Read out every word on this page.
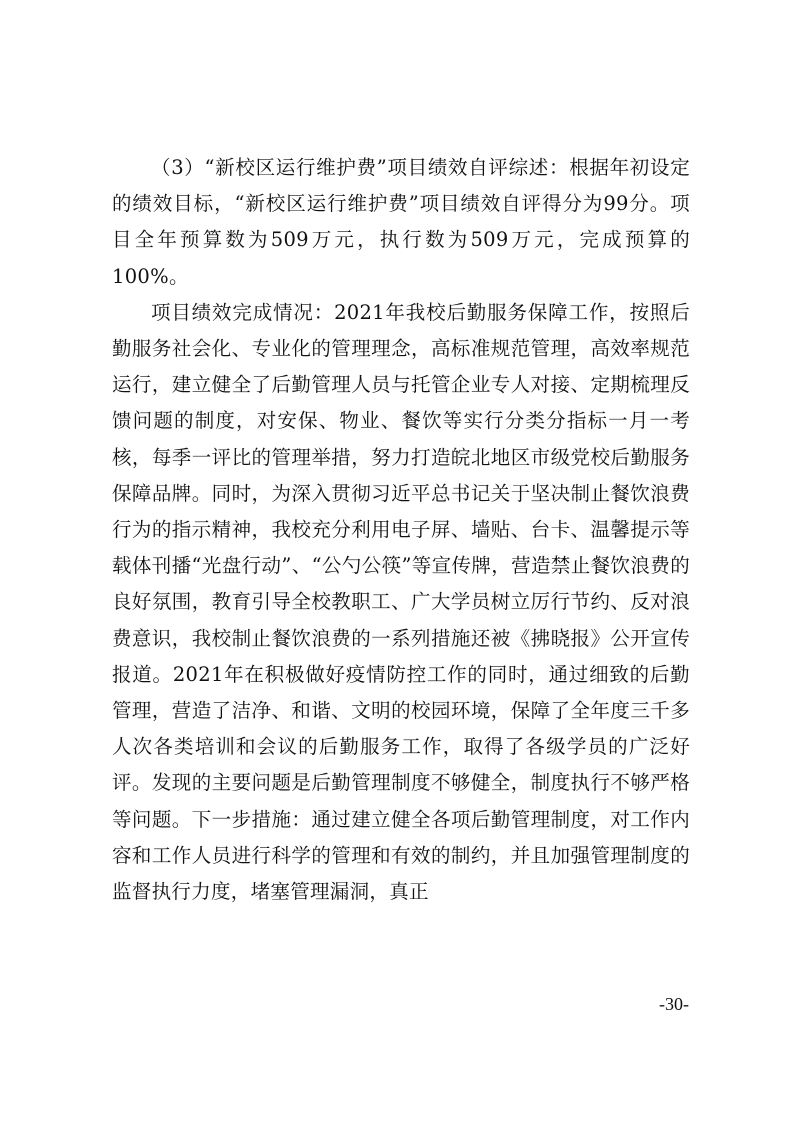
（3）“新校区运行维护费”项目绩效自评综述：根据年初设定的绩效目标，“新校区运行维护费”项目绩效自评得分为99分。项目全年预算数为509万元，执行数为509万元，完成预算的100%。

项目绩效完成情况：2021年我校后勤服务保障工作，按照后勤服务社会化、专业化的管理理念，高标准规范管理，高效率规范运行，建立健全了后勤管理人员与托管企业专人对接、定期梳理反馈问题的制度，对安保、物业、餐饮等实行分类分指标一月一考核，每季一评比的管理举措，努力打造皖北地区市级党校后勤服务保障品牌。同时，为深入贯彻习近平总书记关于坚决制止餐饮浪费行为的指示精神，我校充分利用电子屏、墙贴、台卡、温馨提示等载体刊播“光盘行动”、“公勺公筷”等宣传牌，营造禁止餐饮浪费的良好氛围，教育引导全校教职工、广大学员树立厉行节约、反对浪费意识，我校制止餐饮浪费的一系列措施还被《拂晓报》公开宣传报道。2021年在积极做好疫情防控工作的同时，通过细致的后勤管理，营造了洁净、和谐、文明的校园环境，保障了全年度三千多人次各类培训和会议的后勤服务工作，取得了各级学员的广泛好评。发现的主要问题是后勤管理制度不够健全，制度执行不够严格等问题。下一步措施：通过建立健全各项后勤管理制度，对工作内容和工作人员进行科学的管理和有效的制约，并且加强管理制度的监督执行力度，堵塞管理漏洞，真正

-30-
